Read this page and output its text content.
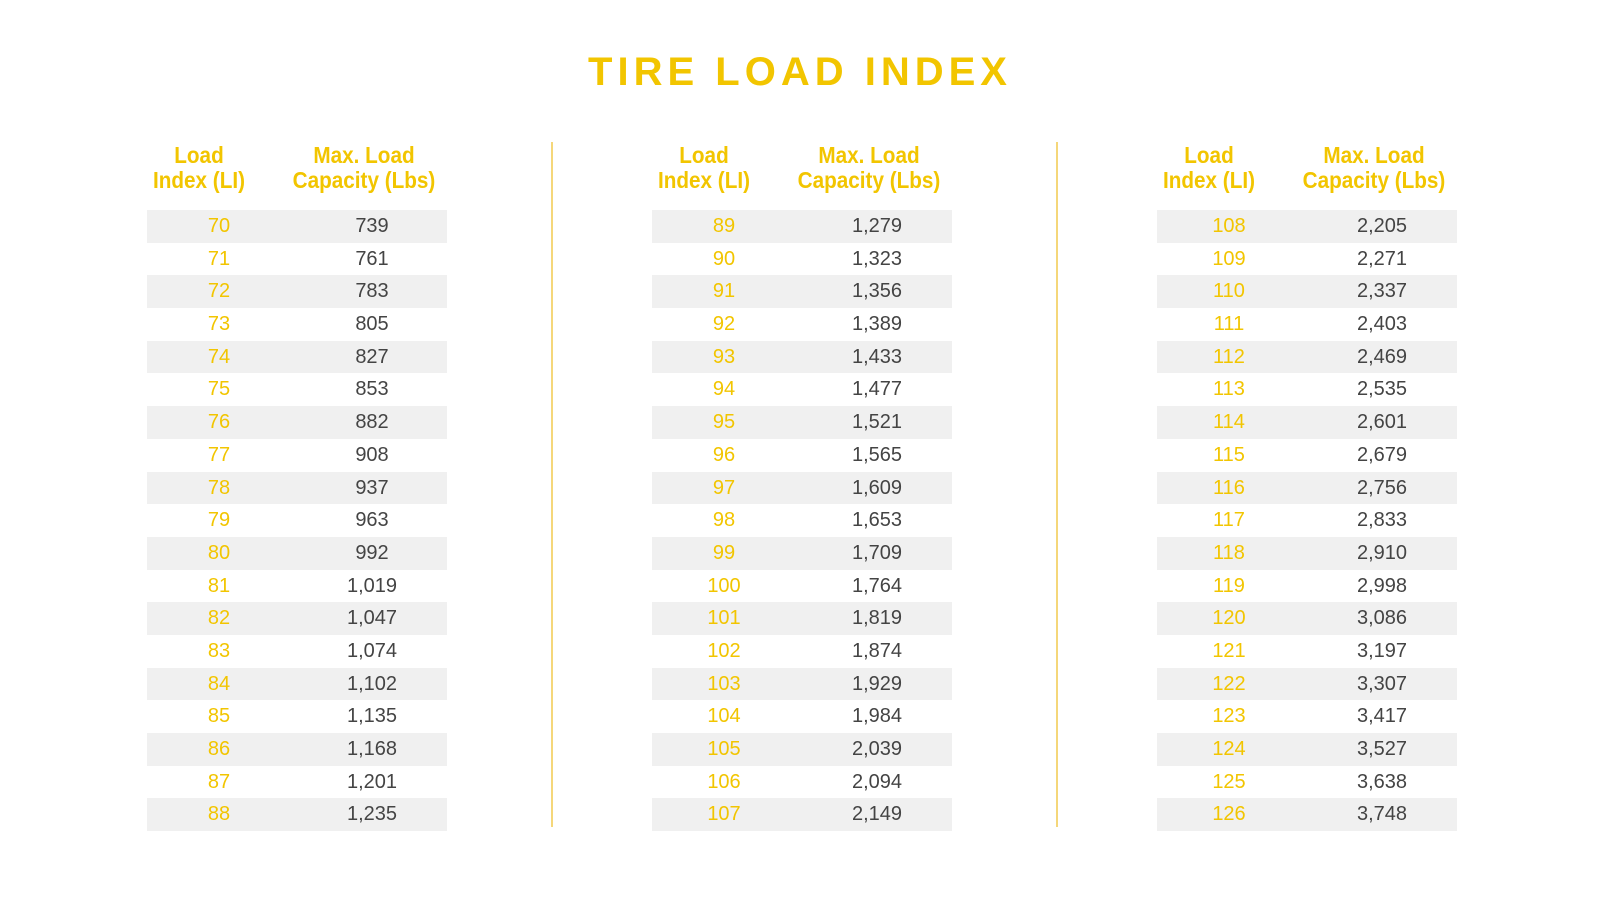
TIRE LOAD INDEX
Load
Index (LI)
Max. Load
Capacity (Lbs)
70	739
71	761
72	783
73	805
74	827
75	853
76	882
77	908
78	937
79	963
80	992
81	1,019
82	1,047
83	1,074
84	1,102
85	1,135
86	1,168
87	1,201
88	1,235
Load
Index (LI)
Max. Load
Capacity (Lbs)
89	1,279
90	1,323
91	1,356
92	1,389
93	1,433
94	1,477
95	1,521
96	1,565
97	1,609
98	1,653
99	1,709
100	1,764
101	1,819
102	1,874
103	1,929
104	1,984
105	2,039
106	2,094
107	2,149
Load
Index (LI)
Max. Load
Capacity (Lbs)
108	2,205
109	2,271
110	2,337
111	2,403
112	2,469
113	2,535
114	2,601
115	2,679
116	2,756
117	2,833
118	2,910
119	2,998
120	3,086
121	3,197
122	3,307
123	3,417
124	3,527
125	3,638
126	3,748
